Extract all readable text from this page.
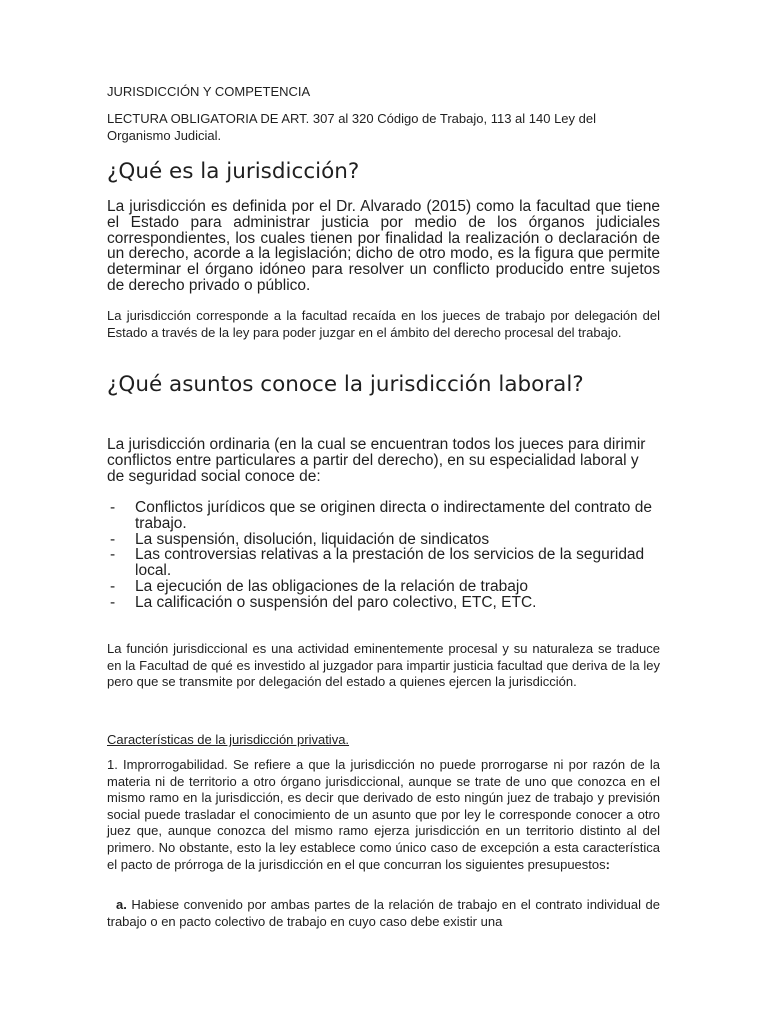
JURISDICCIÓN Y COMPETENCIA

LECTURA OBLIGATORIA DE ART. 307 al 320 Código de Trabajo, 113 al 140 Ley del Organismo Judicial.

¿Qué es la jurisdicción?

La jurisdicción es definida por el Dr. Alvarado (2015) como la facultad que tiene el Estado para administrar justicia por medio de los órganos judiciales correspondientes, los cuales tienen por finalidad la realización o declaración de un derecho, acorde a la legislación; dicho de otro modo, es la figura que permite determinar el órgano idóneo para resolver un conflicto producido entre sujetos de derecho privado o público.

La jurisdicción corresponde a la facultad recaída en los jueces de trabajo por delegación del Estado a través de la ley para poder juzgar en el ámbito del derecho procesal del trabajo.

¿Qué asuntos conoce la jurisdicción laboral?

La jurisdicción ordinaria (en la cual se encuentran todos los jueces para dirimir conflictos entre particulares a partir del derecho), en su especialidad laboral y de seguridad social conoce de:

- Conflictos jurídicos que se originen directa o indirectamente del contrato de trabajo.
- La suspensión, disolución, liquidación de sindicatos
- Las controversias relativas a la prestación de los servicios de la seguridad local.
- La ejecución de las obligaciones de la relación de trabajo
- La calificación o suspensión del paro colectivo, ETC, ETC.

La función jurisdiccional es una actividad eminentemente procesal y su naturaleza se traduce en la Facultad de qué es investido al juzgador para impartir justicia facultad que deriva de la ley pero que se transmite por delegación del estado a quienes ejercen la jurisdicción.

Características de la jurisdicción privativa.

1. Improrrogabilidad. Se refiere a que la jurisdicción no puede prorrogarse ni por razón de la materia ni de territorio a otro órgano jurisdiccional, aunque se trate de uno que conozca en el mismo ramo en la jurisdicción, es decir que derivado de esto ningún juez de trabajo y previsión social puede trasladar el conocimiento de un asunto que por ley le corresponde conocer a otro juez que, aunque conozca del mismo ramo ejerza jurisdicción en un territorio distinto al del primero. No obstante, esto la ley establece como único caso de excepción a esta característica el pacto de prórroga de la jurisdicción en el que concurran los siguientes presupuestos:

a. Habiese convenido por ambas partes de la relación de trabajo en el contrato individual de trabajo o en pacto colectivo de trabajo en cuyo caso debe existir una
